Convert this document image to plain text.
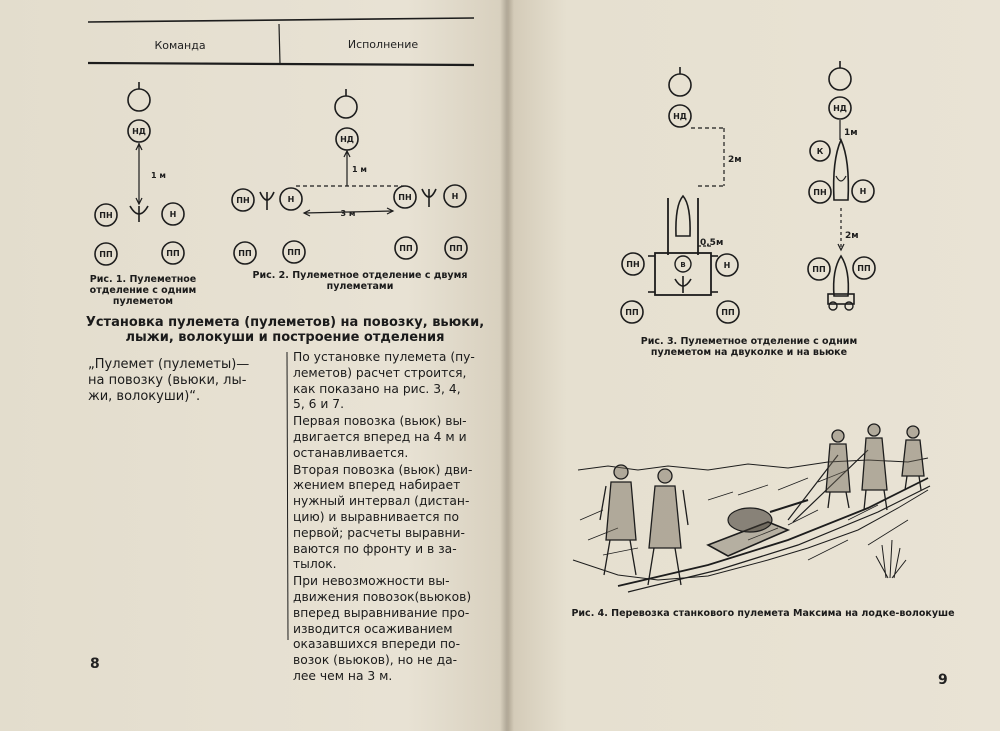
Команда	Исполнение
НД
ПН	Н
ПП	ПП
1 м
НД
ПН	Н	ПН	Н
ПП	ПП	ПП	ПП
1 м
3 м
Рис. 1. Пулеметное
отделение с одним
пулеметом
Рис. 2. Пулеметное отделение с двумя
пулеметами
Установка пулемета (пулеметов) на повозку, вьюки,
лыжи, волокуши и построение отделения
„Пулемет (пулеметы)—
на повозку (вьюки, лы-
жи, волокуши)“.

По установке пулемета (пу-
леметов) расчет строится,
как показано на рис. 3, 4,
5, 6 и 7.

Первая повозка (вьюк) вы-
двигается вперед на 4 м и
останавливается.

Вторая повозка (вьюк) дви-
жением вперед набирает
нужный интервал (дистан-
цию) и выравнивается по
первой; расчеты выравни-
ваются по фронту и в за-
тылок.

При невозможности вы-
движения повозок(вьюков)
вперед выравнивание про-
изводится осаживанием
оказавшихся впереди по-
возок (вьюков), но не да-
лее чем на 3 м.

8
НД
В
ПН	Н
ПП	ПП
2м
0,5м
НД
К
ПН	Н
ПП	ПП
1м
2м
Рис. 3. Пулеметное отделение с одним
пулеметом на двуколке и на вьюке
Рис. 4. Перевозка станкового пулемета Максима на лодке-волокуше
9
